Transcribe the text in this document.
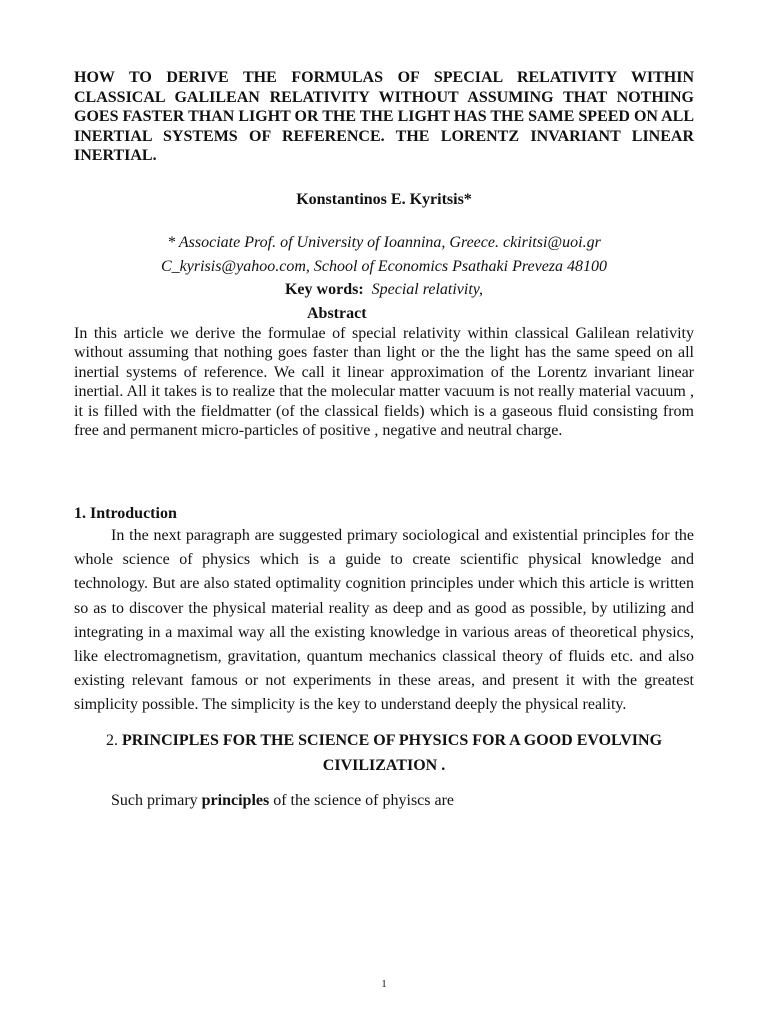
HOW TO DERIVE THE FORMULAS OF SPECIAL RELATIVITY WITHIN CLASSICAL GALILEAN RELATIVITY WITHOUT ASSUMING THAT NOTHING GOES FASTER THAN LIGHT OR THE THE LIGHT HAS THE SAME SPEED ON ALL INERTIAL SYSTEMS OF REFERENCE. THE LORENTZ INVARIANT LINEAR INERTIAL.

Konstantinos E. Kyritsis*
* Associate Prof. of University of Ioannina, Greece. ckiritsi@uoi.gr
C_kyrisis@yahoo.com, School of Economics Psathaki Preveza 48100
Key words: Special relativity,
Abstract

In this article we derive the formulae of special relativity within classical Galilean relativity without assuming that nothing goes faster than light or the the light has the same speed on all inertial systems of reference. We call it linear approximation of the Lorentz invariant linear inertial. All it takes is to realize that the molecular matter vacuum is not really material vacuum , it is filled with the fieldmatter (of the classical fields) which is a gaseous fluid consisting from free and permanent micro-particles of positive , negative and neutral charge.

1. Introduction

In the next paragraph are suggested primary sociological and existential principles for the whole science of physics which is a guide to create scientific physical knowledge and technology. But are also stated optimality cognition principles under which this article is written so as to discover the physical material reality as deep and as good as possible, by utilizing and integrating in a maximal way all the existing knowledge in various areas of theoretical physics, like electromagnetism, gravitation, quantum mechanics classical theory of fluids etc. and also existing relevant famous or not experiments in these areas, and present it with the greatest simplicity possible. The simplicity is the key to understand deeply the physical reality.

2. PRINCIPLES FOR THE SCIENCE OF PHYSICS FOR A GOOD EVOLVING CIVILIZATION .
Such primary principles of the science of phyiscs are
1
